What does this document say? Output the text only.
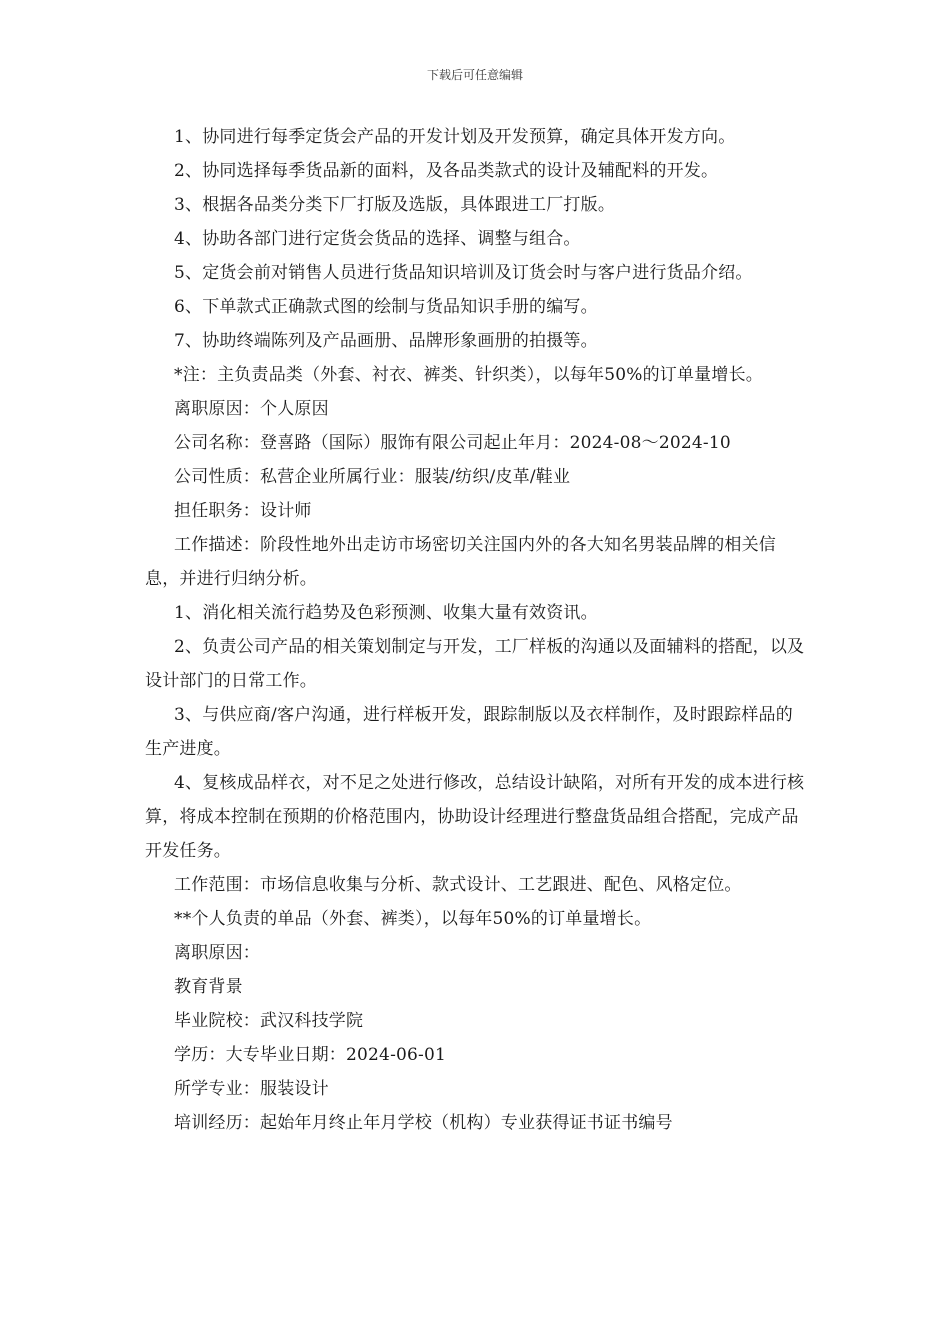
下载后可任意编辑

1、协同进行每季定货会产品的开发计划及开发预算，确定具体开发方向。

2、协同选择每季货品新的面料，及各品类款式的设计及辅配料的开发。

3、根据各品类分类下厂打版及选版，具体跟进工厂打版。

4、协助各部门进行定货会货品的选择、调整与组合。

5、定货会前对销售人员进行货品知识培训及订货会时与客户进行货品介绍。

6、下单款式正确款式图的绘制与货品知识手册的编写。

7、协助终端陈列及产品画册、品牌形象画册的拍摄等。

*注：主负责品类（外套、衬衣、裤类、针织类），以每年50%的订单量增长。

离职原因：个人原因

公司名称：登喜路（国际）服饰有限公司起止年月：2024-08～2024-10

公司性质：私营企业所属行业：服装/纺织/皮革/鞋业

担任职务：设计师

工作描述：阶段性地外出走访市场密切关注国内外的各大知名男装品牌的相关信息，并进行归纳分析。

1、消化相关流行趋势及色彩预测、收集大量有效资讯。

2、负责公司产品的相关策划制定与开发，工厂样板的沟通以及面辅料的搭配，以及设计部门的日常工作。

3、与供应商/客户沟通，进行样板开发，跟踪制版以及衣样制作，及时跟踪样品的生产进度。

4、复核成品样衣，对不足之处进行修改，总结设计缺陷，对所有开发的成本进行核算，将成本控制在预期的价格范围内，协助设计经理进行整盘货品组合搭配，完成产品开发任务。

工作范围：市场信息收集与分析、款式设计、工艺跟进、配色、风格定位。

**个人负责的单品（外套、裤类），以每年50%的订单量增长。

离职原因：

教育背景

毕业院校：武汉科技学院

学历：大专毕业日期：2024-06-01

所学专业：服装设计

培训经历：起始年月终止年月学校（机构）专业获得证书证书编号
